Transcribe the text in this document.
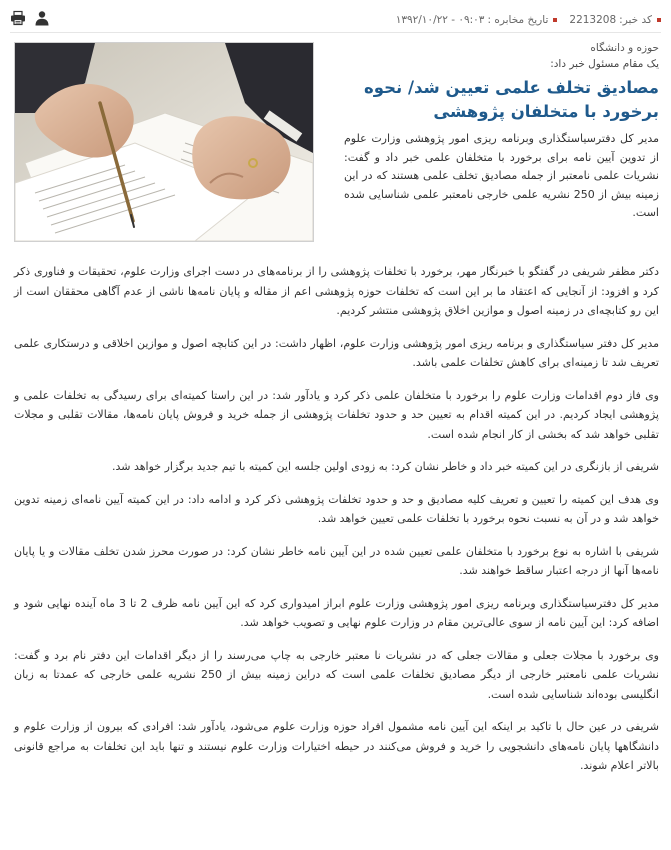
کد خبر:
2213208
تاریخ مخابره :
۱۳۹۲/۱۰/۲۲ - ۰۹:۰۳
حوزه و دانشگاه
یک مقام مسئول خبر داد:
مصادیق تخلف علمی تعیین شد/ نحوه برخورد با متخلفان پژوهشی

مدیر کل دفترسیاستگذاری وبرنامه ریزی امور پژوهشی وزارت علوم از تدوین آیین نامه برای برخورد با متخلفان علمی خبر داد و گفت: نشریات علمی نامعتبر از جمله مصادیق تخلف علمی هستند که در این زمینه بیش از 250 نشریه علمی خارجی نامعتبر علمی شناسایی شده است.

دکتر مظفر شریفی در گفتگو با خبرنگار مهر، برخورد با تخلفات پژوهشی را از برنامه‌های در دست اجرای وزارت علوم، تحقیقات و فناوری ذکر کرد و افزود: از آنجایی که اعتقاد ما بر این است که تخلفات حوزه پژوهشی اعم از مقاله و پایان نامه‌ها ناشی از عدم آگاهی محققان است از این رو کتابچه‌ای در زمینه اصول و موازین اخلاق پژوهشی منتشر کردیم.

مدیر کل دفتر سیاستگذاری و برنامه ریزی امور پژوهشی وزارت علوم، اظهار داشت: در این کتابچه اصول و موازین اخلاقی و درستکاری علمی تعریف شد تا زمینه‌ای برای کاهش تخلفات علمی باشد.

وی فاز دوم اقدامات وزارت علوم را برخورد با متخلفان علمی ذکر کرد و یادآور شد: در این راستا کمیته‌ای برای رسیدگی به تخلفات علمی و پژوهشی ایجاد کردیم. در این کمیته اقدام به تعیین حد و حدود تخلفات پژوهشی از جمله خرید و فروش پایان نامه‌ها، مقالات تقلبی و مجلات تقلبی خواهد شد که بخشی از کار انجام شده است.

شریفی از بازنگری در این کمیته خبر داد و خاطر نشان کرد: به زودی اولین جلسه این کمیته با تیم جدید برگزار خواهد شد.

وی هدف این کمیته را تعیین و تعریف کلیه مصادیق و حد و حدود تخلفات پژوهشی ذکر کرد و ادامه داد: در این کمیته آیین نامه‌ای زمینه تدوین خواهد شد و در آن به نسبت نحوه برخورد با تخلفات علمی تعیین خواهد شد.

شریفی با اشاره به نوع برخورد با متخلفان علمی تعیین شده در این آیین نامه خاطر نشان کرد: در صورت محرز شدن تخلف مقالات و یا پایان نامه‌ها آنها از درجه اعتبار ساقط خواهند شد.

مدیر کل دفترسیاستگذاری وبرنامه ریزی امور پژوهشی وزارت علوم ابراز امیدواری کرد که این آیین نامه ظرف 2 تا 3 ماه آینده نهایی شود و اضافه کرد: این آیین نامه از سوی عالی‌ترین مقام در وزارت علوم نهایی و تصویب خواهد شد.

وی برخورد با مجلات جعلی و مقالات جعلی که در نشریات نا معتبر خارجی به چاپ می‌رسند را از دیگر اقدامات این دفتر نام برد و گفت: نشریات علمی نامعتبر خارجی از دیگر مصادیق تخلفات علمی است که دراین زمینه بیش از 250 نشریه علمی خارجی که عمدتا به زبان انگلیسی بوده‌اند شناسایی شده است.

شریفی در عین حال با تاکید بر اینکه این آیین نامه مشمول افراد حوزه وزارت علوم می‌شود، یادآور شد: افرادی که بیرون از وزارت علوم و دانشگاهها پایان نامه‌های دانشجویی را خرید و فروش می‌کنند در حیطه اختیارات وزارت علوم نیستند و تنها باید این تخلفات به مراجع قانونی بالاتر اعلام شوند.
